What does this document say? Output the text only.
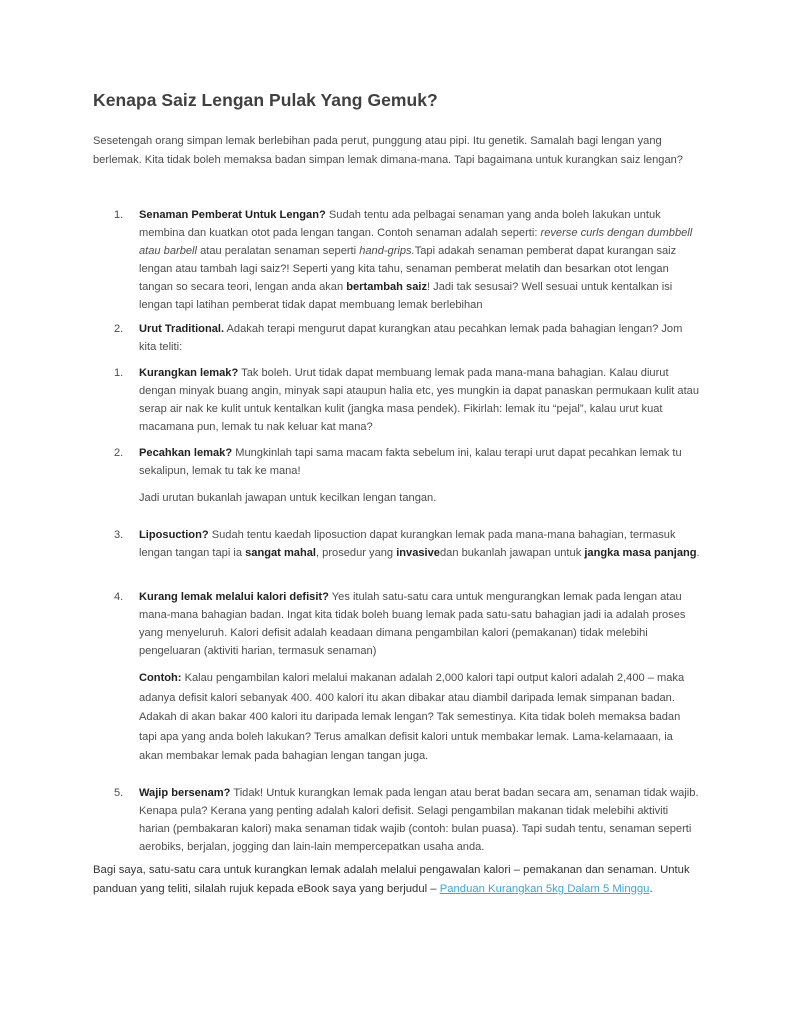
Kenapa Saiz Lengan Pulak Yang Gemuk?

Sesetengah orang simpan lemak berlebihan pada perut, punggung atau pipi. Itu genetik. Samalah bagi lengan yang berlemak. Kita tidak boleh memaksa badan simpan lemak dimana-mana. Tapi bagaimana untuk kurangkan saiz lengan?

1. Senaman Pemberat Untuk Lengan? Sudah tentu ada pelbagai senaman yang anda boleh lakukan untuk membina dan kuatkan otot pada lengan tangan. Contoh senaman adalah seperti: reverse curls dengan dumbbell atau barbell atau peralatan senaman seperti hand-grips.Tapi adakah senaman pemberat dapat kurangan saiz lengan atau tambah lagi saiz?! Seperti yang kita tahu, senaman pemberat melatih dan besarkan otot lengan tangan so secara teori, lengan anda akan bertambah saiz! Jadi tak sesusai? Well sesuai untuk kentalkan isi lengan tapi latihan pemberat tidak dapat membuang lemak berlebihan

2. Urut Traditional. Adakah terapi mengurut dapat kurangkan atau pecahkan lemak pada bahagian lengan? Jom kita teliti:

1. Kurangkan lemak? Tak boleh. Urut tidak dapat membuang lemak pada mana-mana bahagian. Kalau diurut dengan minyak buang angin, minyak sapi ataupun halia etc, yes mungkin ia dapat panaskan permukaan kulit atau serap air nak ke kulit untuk kentalkan kulit (jangka masa pendek). Fikirlah: lemak itu “pejal”, kalau urut kuat macamana pun, lemak tu nak keluar kat mana?

2. Pecahkan lemak? Mungkinlah tapi sama macam fakta sebelum ini, kalau terapi urut dapat pecahkan lemak tu sekalipun, lemak tu tak ke mana!

Jadi urutan bukanlah jawapan untuk kecilkan lengan tangan.

3. Liposuction? Sudah tentu kaedah liposuction dapat kurangkan lemak pada mana-mana bahagian, termasuk lengan tangan tapi ia sangat mahal, prosedur yang invasivedan bukanlah jawapan untuk jangka masa panjang.

4. Kurang lemak melalui kalori defisit? Yes itulah satu-satu cara untuk mengurangkan lemak pada lengan atau mana-mana bahagian badan. Ingat kita tidak boleh buang lemak pada satu-satu bahagian jadi ia adalah proses yang menyeluruh. Kalori defisit adalah keadaan dimana pengambilan kalori (pemakanan) tidak melebihi pengeluaran (aktiviti harian, termasuk senaman)

Contoh: Kalau pengambilan kalori melalui makanan adalah 2,000 kalori tapi output kalori adalah 2,400 – maka adanya defisit kalori sebanyak 400. 400 kalori itu akan dibakar atau diambil daripada lemak simpanan badan. Adakah di akan bakar 400 kalori itu daripada lemak lengan? Tak semestinya. Kita tidak boleh memaksa badan tapi apa yang anda boleh lakukan? Terus amalkan defisit kalori untuk membakar lemak. Lama-kelamaaan, ia akan membakar lemak pada bahagian lengan tangan juga.

5. Wajip bersenam? Tidak! Untuk kurangkan lemak pada lengan atau berat badan secara am, senaman tidak wajib. Kenapa pula? Kerana yang penting adalah kalori defisit. Selagi pengambilan makanan tidak melebihi aktiviti harian (pembakaran kalori) maka senaman tidak wajib (contoh: bulan puasa). Tapi sudah tentu, senaman seperti aerobiks, berjalan, jogging dan lain-lain mempercepatkan usaha anda.

Bagi saya, satu-satu cara untuk kurangkan lemak adalah melalui pengawalan kalori – pemakanan dan senaman. Untuk panduan yang teliti, silalah rujuk kepada eBook saya yang berjudul – Panduan Kurangkan 5kg Dalam 5 Minggu.
